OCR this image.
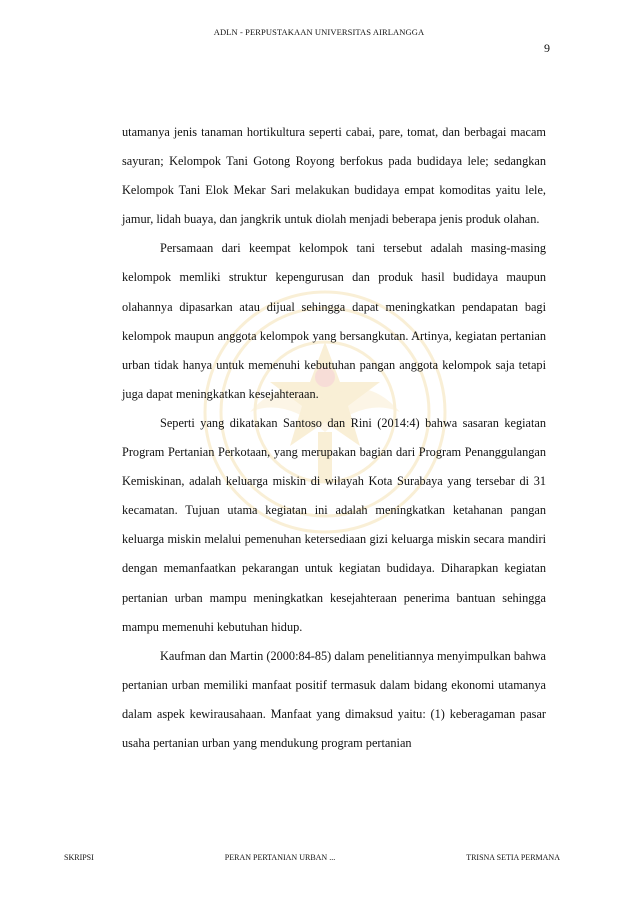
ADLN - PERPUSTAKAAN UNIVERSITAS AIRLANGGA
9

utamanya jenis tanaman hortikultura seperti cabai, pare, tomat, dan berbagai macam sayuran; Kelompok Tani Gotong Royong berfokus pada budidaya lele; sedangkan Kelompok Tani Elok Mekar Sari melakukan budidaya empat komoditas yaitu lele, jamur, lidah buaya, dan jangkrik untuk diolah menjadi beberapa jenis produk olahan.

Persamaan dari keempat kelompok tani tersebut adalah masing-masing kelompok memliki struktur kepengurusan dan produk hasil budidaya maupun olahannya dipasarkan atau dijual sehingga dapat meningkatkan pendapatan bagi kelompok maupun anggota kelompok yang bersangkutan. Artinya, kegiatan pertanian urban tidak hanya untuk memenuhi kebutuhan pangan anggota kelompok saja tetapi juga dapat meningkatkan kesejahteraan.

Seperti yang dikatakan Santoso dan Rini (2014:4) bahwa sasaran kegiatan Program Pertanian Perkotaan, yang merupakan bagian dari Program Penanggulangan Kemiskinan, adalah keluarga miskin di wilayah Kota Surabaya yang tersebar di 31 kecamatan. Tujuan utama kegiatan ini adalah meningkatkan ketahanan pangan keluarga miskin melalui pemenuhan ketersediaan gizi keluarga miskin secara mandiri dengan memanfaatkan pekarangan untuk kegiatan budidaya. Diharapkan kegiatan pertanian urban mampu meningkatkan kesejahteraan penerima bantuan sehingga mampu memenuhi kebutuhan hidup.

Kaufman dan Martin (2000:84-85) dalam penelitiannya menyimpulkan bahwa pertanian urban memiliki manfaat positif termasuk dalam bidang ekonomi utamanya dalam aspek kewirausahaan. Manfaat yang dimaksud yaitu: (1) keberagaman pasar usaha pertanian urban yang mendukung program pertanian

SKRIPSI	PERAN PERTANIAN URBAN ...	TRISNA SETIA PERMANA
